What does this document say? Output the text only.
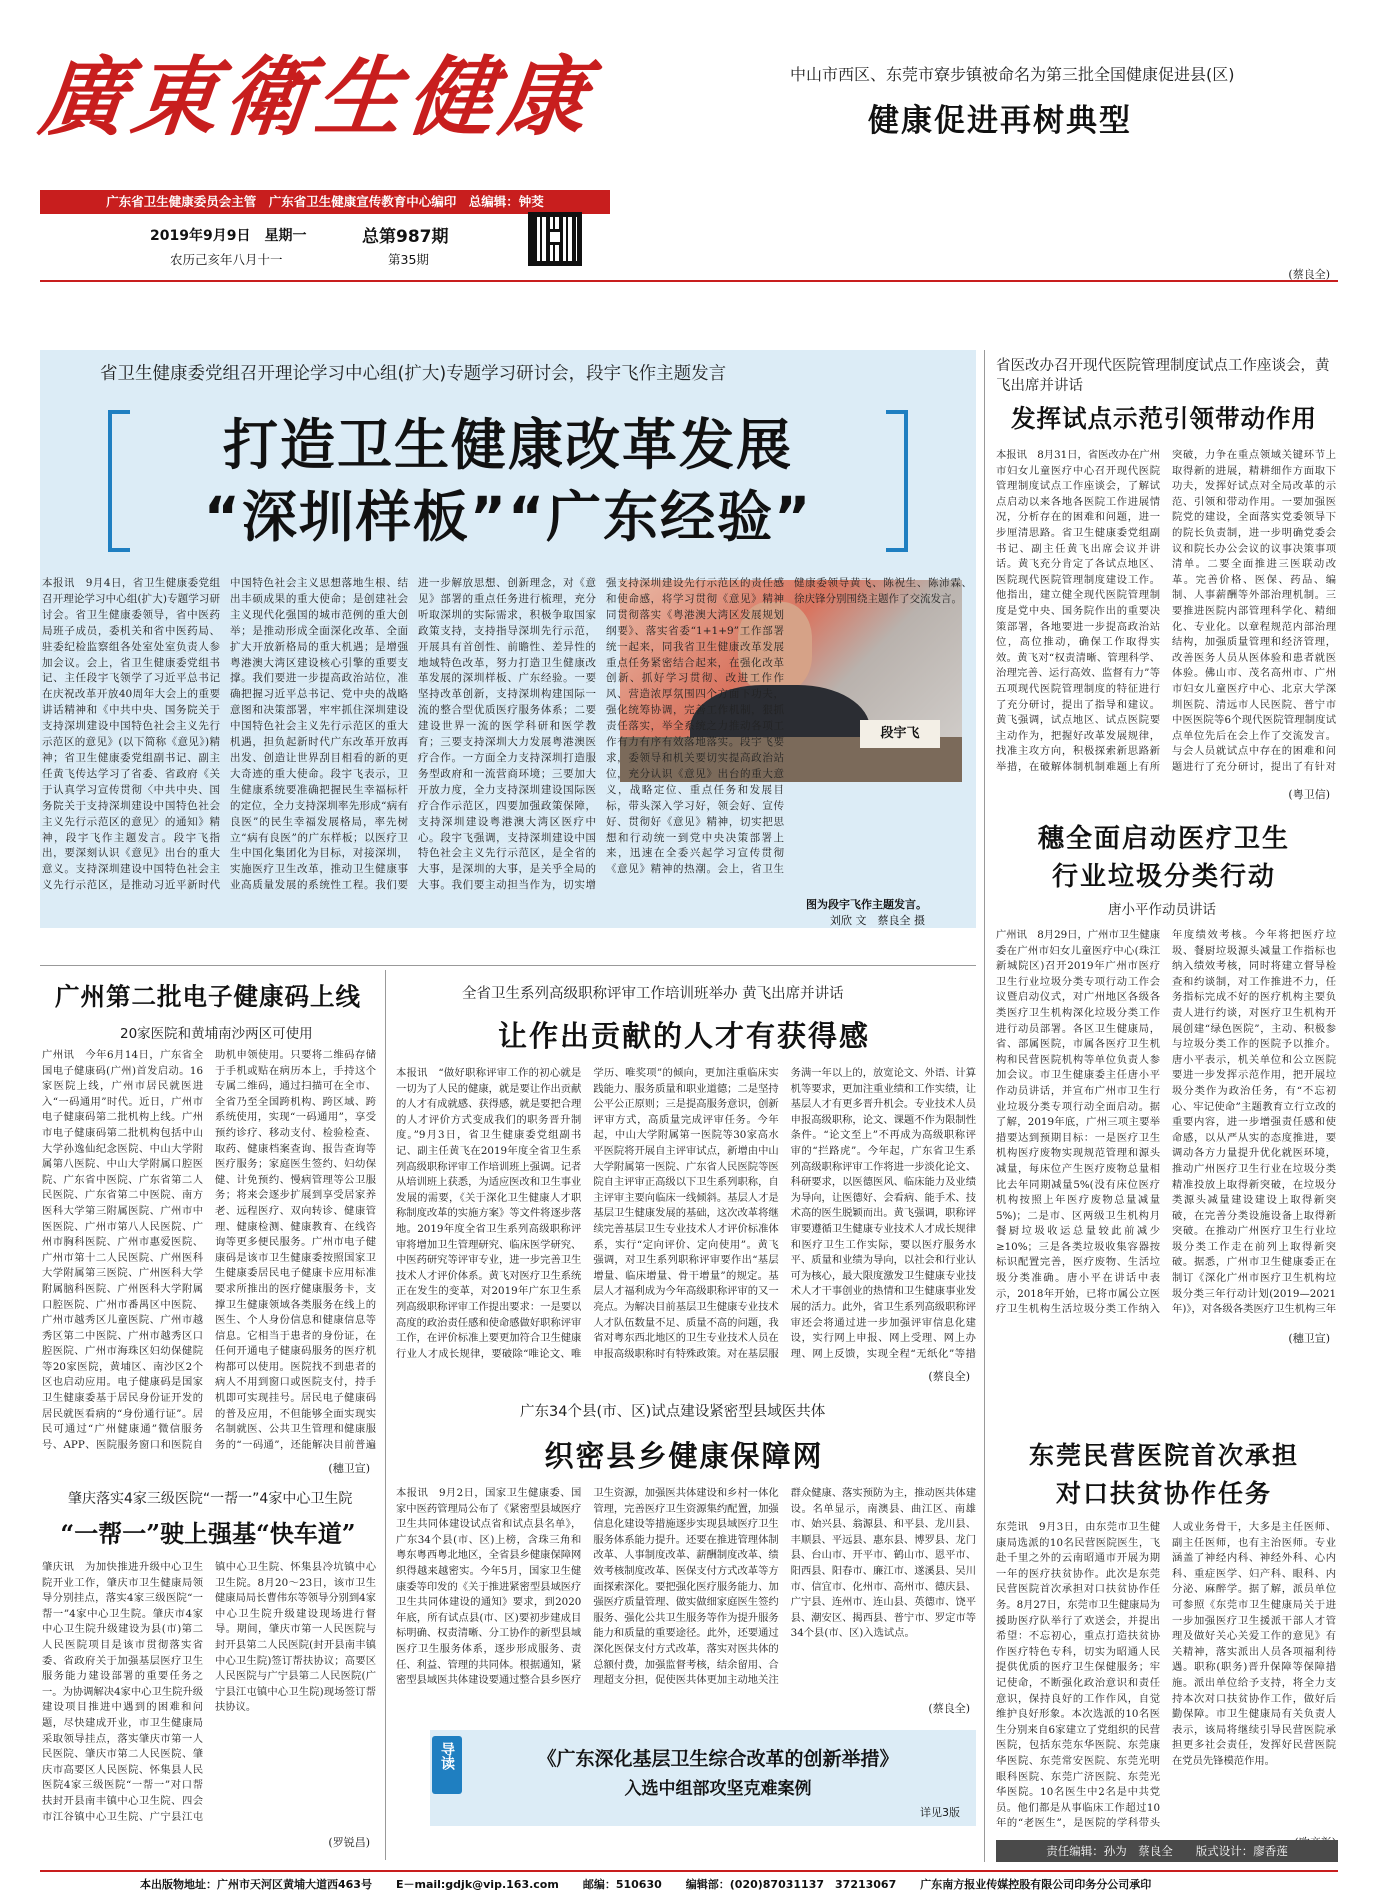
廣東衛生健康
广东省卫生健康委员会主管　广东省卫生健康宣传教育中心编印　总编辑：钟茭
2019年9月9日　星期一
农历己亥年八月十一
总第987期
第35期
中山市西区、东莞市寮步镇被命名为第三批全国健康促进县(区)
健康促进再树典型
(蔡良全)
省卫生健康委党组召开理论学习中心组(扩大)专题学习研讨会，段宇飞作主题发言
打造卫生健康改革发展
“深圳样板”“广东经验”
段宇飞
本报讯　9月4日，省卫生健康委党组召开理论学习中心组(扩大)专题学习研讨会。省卫生健康委领导，省中医药局班子成员，委机关和省中医药局、驻委纪检监察组各处室处室负责人参加会议。会上，省卫生健康委党组书记、主任段宇飞领学了习近平总书记在庆祝改革开放40周年大会上的重要讲话精神和《中共中央、国务院关于支持深圳建设中国特色社会主义先行示范区的意见》(以下简称《意见》)精神；省卫生健康委党组副书记、副主任黄飞传达学习了省委、省政府《关于认真学习宣传贯彻〈中共中央、国务院关于支持深圳建设中国特色社会主义先行示范区的意见〉的通知》精神，段宇飞作主题发言。段宇飞指出，要深刻认识《意见》出台的重大意义。支持深圳建设中国特色社会主义先行示范区，是推动习近平新时代中国特色社会主义思想落地生根、结出丰硕成果的重大使命；是创建社会主义现代化强国的城市范例的重大创举；是推动形成全面深化改革、全面扩大开放新格局的重大机遇；是增强粤港澳大湾区建设核心引擎的重要支撑。我们要进一步提高政治站位，准确把握习近平总书记、党中央的战略意图和决策部署，牢牢抓住深圳建设中国特色社会主义先行示范区的重大机遇，担负起新时代广东改革开放再出发、创造让世界刮目相看的新的更大奇迹的重大使命。段宇飞表示，卫生健康系统要准确把握民生幸福标杆的定位，全力支持深圳率先形成“病有良医”的民生幸福发展格局，率先树立“病有良医”的广东样板；以医疗卫生中国化集团化为目标，对接深圳，实施医疗卫生改革，推动卫生健康事业高质量发展的系统性工程。我们要进一步解放思想、创新理念，对《意见》部署的重点任务进行梳理，充分听取深圳的实际需求，积极争取国家政策支持，支持指导深圳先行示范，开展具有首创性、前瞻性、差异性的地域特色改革，努力打造卫生健康改革发展的深圳样板、广东经验。一要坚持改革创新，支持深圳构建国际一流的整合型优质医疗服务体系；二要建设世界一流的医学科研和医学教育；三要支持深圳大力发展粤港澳医疗合作。一方面全力支持深圳打造服务型政府和一流营商环境；三要加大开放力度，全力支持深圳建设国际医疗合作示范区，四要加强政策保障，支持深圳建设粤港澳大湾区医疗中心。段宇飞强调，支持深圳建设中国特色社会主义先行示范区，是全省的大事，是深圳的大事，是关乎全局的大事。我们要主动担当作为，切实增强支持深圳建设先行示范区的责任感和使命感，将学习贯彻《意见》精神同贯彻落实《粤港澳大湾区发展规划纲要》、落实省委“1+1+9”工作部署统一起来，同我省卫生健康改革发展重点任务紧密结合起来，在强化改革创新、抓好学习贯彻、改进工作作风、营造浓厚氛围四个方面下功夫，强化统筹协调，完善工作机制，狠抓责任落实，举全系统之力推动各项工作有力有序有效落地落实。段宇飞要求，委领导和机关要切实提高政治站位，充分认识《意见》出台的重大意义，战略定位、重点任务和发展目标，带头深入学习好，领会好、宣传好、贯彻好《意见》精神，切实把思想和行动统一到党中央决策部署上来，迅速在全委兴起学习宣传贯彻《意见》精神的热潮。会上，省卫生健康委领导黄飞、陈祝生、陈沛霖、徐庆锋分别围绕主题作了交流发言。
图为段宇飞作主题发言。
刘欣 文　蔡良全 摄
省医改办召开现代医院管理制度试点工作座谈会，黄飞出席并讲话
发挥试点示范引领带动作用
本报讯　8月31日，省医改办在广州市妇女儿童医疗中心召开现代医院管理制度试点工作座谈会，了解试点启动以来各地各医院工作进展情况，分析存在的困难和问题，进一步厘清思路。省卫生健康委党组副书记、副主任黄飞出席会议并讲话。黄飞充分肯定了各试点地区、医院现代医院管理制度建设工作。他指出，建立健全现代医院管理制度是党中央、国务院作出的重要决策部署，各地要进一步提高政治站位，高位推动，确保工作取得实效。黄飞对“权责清晰、管理科学、治理完善、运行高效、监督有力”等五项现代医院管理制度的特征进行了充分研讨，提出了指导和建议。黄飞强调，试点地区、试点医院要主动作为，把握好改革发展规律，找准主攻方向，积极探索新思路新举措，在破解体制机制难题上有所突破，力争在重点领域关键环节上取得新的进展，精耕细作方面取下功夫，发挥好试点对全局改革的示范、引领和带动作用。一要加强医院党的建设，全面落实党委领导下的院长负责制，进一步明确党委会议和院长办公会议的议事决策事项清单。二要全面推进三医联动改革。完善价格、医保、药品、编制、人事薪酬等外部治理机制。三要推进医院内部管理科学化、精细化、专业化。以章程规范内部治理结构，加强质量管理和经济管理，改善医务人员从医体验和患者就医体验。佛山市、茂名高州市、广州市妇女儿童医疗中心、北京大学深圳医院、清远市人民医院、普宁市中医医院等6个现代医院管理制度试点单位先后在会上作了交流发言。与会人员就试点中存在的困难和问题进行了充分研讨，提出了有针对
(粤卫信)
穗全面启动医疗卫生
行业垃圾分类行动
唐小平作动员讲话
广州讯　8月29日，广州市卫生健康委在广州市妇女儿童医疗中心(珠江新城院区)召开2019年广州市医疗卫生行业垃圾分类专项行动工作会议暨启动仪式，对广州地区各级各类医疗卫生机构深化垃圾分类工作进行动员部署。各区卫生健康局，省、部属医院，市属各医疗卫生机构和民营医院机构等单位负责人参加会议。市卫生健康委主任唐小平作动员讲话，并宣布广州市卫生行业垃圾分类专项行动全面启动。据了解，2019年底，广州三项主要举措要达到预期目标：一是医疗卫生机构医疗废物实现规范管理和源头减量，每床位产生医疗废物总量相比去年同期减量5%(没有床位医疗机构按照上年医疗废物总量减量5%)；二是市、区两级卫生机构月餐厨垃圾收运总量较此前减少≥10%；三是各类垃圾收集容器按标识配置完善，医疗废物、生活垃圾分类准确。唐小平在讲话中表示，2018年开始，已将市属公立医疗卫生机构生活垃圾分类工作纳入年度绩效考核。今年将把医疗垃圾、餐厨垃圾源头减量工作指标也纳入绩效考核，同时将建立督导检查和约谈制，对工作推进不力，任务指标完成不好的医疗机构主要负责人进行约谈，对医疗卫生机构开展创建“绿色医院”，主动、积极参与垃圾分类工作的医院予以推介。唐小平表示，机关单位和公立医院要进一步发挥示范作用，把开展垃圾分类作为政治任务，有“不忘初心、牢记使命”主题教育立行立改的重要内容，进一步增强责任感和使命感，以从严从实的态度推进，要调动各方力量提升优化就医环境，推动广州医疗卫生行业在垃圾分类精准投放上取得新突破，在垃圾分类源头减量建设建设上取得新突破，在完善分类设施设备上取得新突破。在推动广州医疗卫生行业垃圾分类工作走在前列上取得新突破。据悉，广州市卫生健康委正在制订《深化广州市医疗卫生机构垃圾分类三年行动计划(2019—2021年)》，对各级各类医疗卫生机构三年
(穗卫宣)
广州第二批电子健康码上线
20家医院和黄埔南沙两区可使用
广州讯　今年6月14日，广东省全国电子健康码(广州)首发启动。16家医院上线，广州市居民就医进入“一码通用”时代。近日，广州市电子健康码第二批机构上线。广州市电子健康码第二批机构包括中山大学孙逸仙纪念医院、中山大学附属第八医院、中山大学附属口腔医院、广东省中医院、广东省第二人民医院、广东省第二中医院、南方医科大学第三附属医院、广州市中医医院、广州市第八人民医院、广州市胸科医院、广州市惠爱医院、广州市第十二人民医院、广州医科大学附属第三医院、广州医科大学附属脑科医院、广州医科大学附属口腔医院、广州市番禺区中医院、广州市越秀区儿童医院、广州市越秀区第二中医院、广州市越秀区口腔医院、广州市海珠区妇幼保健院等20家医院，黄埔区、南沙区2个区也启动应用。电子健康码是国家卫生健康委基于居民身份证开发的居民就医看病的“身份通行证”。居民可通过“广州健康通”微信服务号、APP、医院服务窗口和医院自助机申领使用。只要将二维码存储于手机或贴在病历本上，手持这个专属二维码，通过扫描可在全市、全省乃至全国跨机构、跨区域、跨系统使用，实现“一码通用”，享受预约诊疗、移动支付、检验检查、取药、健康档案查询、报告查询等医疗服务；家庭医生签约、妇幼保健、计免预约、慢病管理等公卫服务；将来会逐步扩展到享受居家养老、远程医疗、双向转诊、健康管理、健康检测、健康教育、在线咨询等更多便民服务。广州市电子健康码是该市卫生健康委按照国家卫生健康委居民电子健康卡应用标准要求所推出的医疗健康服务卡，支撑卫生健康领域各类服务在线上的医生、个人身份信息和健康信息等信息。它相当于患者的身份证，在任何开通电子健康码服务的医疗机构都可以使用。医院找不到患者的病人不用到窗口或医院支付，持手机即可实现挂号。居民电子健康码的普及应用，不但能够全面实现实名制就医、公共卫生管理和健康服务的“一码通”，还能解决目前普遍
(穗卫宣)
全省卫生系列高级职称评审工作培训班举办 黄飞出席并讲话
让作出贡献的人才有获得感
本报讯　“做好职称评审工作的初心就是一切为了人民的健康，就是要让作出贡献的人才有成就感、获得感，就是要把合理的人才评价方式变成我们的职务晋升制度。”9月3日，省卫生健康委党组副书记、副主任黄飞在2019年度全省卫生系列高级职称评审工作培训班上强调。记者从培训班上获悉，为适应医改和卫生事业发展的需要，《关于深化卫生健康人才职称制度改革的实施方案》等文件将逐步落地。2019年度全省卫生系列高级职称评审将增加卫生管理研究、临床医学研究、中医药研究等评审专业，进一步完善卫生技术人才评价体系。黄飞对医疗卫生系统正在发生的变革，对2019年广东卫生系列高级职称评审工作提出要求：一是要以高度的政治责任感和使命感做好职称评审工作，在评价标准上要更加符合卫生健康行业人才成长规律，要破除“唯论文、唯学历、唯奖项”的倾向，更加注重临床实践能力、服务质量和职业道德；二是坚持公平公正原则；三是提高服务意识，创新评审方式，高质量完成评审任务。今年起，中山大学附属第一医院等30家高水平医院将开展自主评审试点，新增由中山大学附属第一医院、广东省人民医院等医院自主评审正高级以下卫生系列职称，自主评审主要向临床一线倾斜。基层人才是基层卫生健康发展的基础，这次改革将继续完善基层卫生专业技术人才评价标准体系，实行“定向评价、定向使用”。黄飞强调，对卫生系列职称评审要作出“基层增量、临床增量、骨干增量”的规定。基层人才福利成为今年高级职称评审的又一亮点。为解决目前基层卫生健康专业技术人才队伍数量不足、质量不高的问题，我省对粤东西北地区的卫生专业技术人员在申报高级职称时有特殊政策。对在基层服务满一年以上的，放宽论文、外语、计算机等要求，更加注重业绩和工作实绩，让基层人才有更多晋升机会。专业技术人员申报高级职称，论文、课题不作为限制性条件。“论文至上”不再成为高级职称评审的“拦路虎”。今年起，广东省卫生系列高级职称评审工作将进一步淡化论文、科研要求，以医德医风、临床能力及业绩为导向，让医德好、会看病、能手术、技术高的医生脱颖而出。黄飞强调，职称评审要遵循卫生健康专业技术人才成长规律和医疗卫生工作实际，要以医疗服务水平、质量和业绩为导向，以社会和行业认可为核心，最大限度激发卫生健康专业技术人才干事创业的热情和卫生健康事业发展的活力。此外，省卫生系列高级职称评审还会将通过进一步加强评审信息化建设，实行网上申报、网上受理、网上办理、网上反馈，实现全程“无纸化”等措
(蔡良全)
广东34个县(市、区)试点建设紧密型县域医共体
织密县乡健康保障网
本报讯　9月2日，国家卫生健康委、国家中医药管理局公布了《紧密型县域医疗卫生共同体建设试点省和试点县名单》，广东34个县(市、区)上榜，含珠三角和粤东粤西粤北地区，全省县乡健康保障网织得越来越密实。今年5月，国家卫生健康委等印发的《关于推进紧密型县域医疗卫生共同体建设的通知》要求，到2020年底，所有试点县(市、区)要初步建成目标明确、权责清晰、分工协作的新型县域医疗卫生服务体系，逐步形成服务、责任、利益、管理的共同体。根据通知，紧密型县域医共体建设要通过整合县乡医疗卫生资源，加强医共体建设和乡村一体化管理，完善医疗卫生资源集约配置，加强信息化建设等措施逐步实现县域医疗卫生服务体系能力提升。还要在推进管理体制改革、人事制度改革、薪酬制度改革、绩效考核制度改革、医保支付方式改革等方面探索深化。要把强化医疗服务能力、加强医疗质量管理、做实做细家庭医生签约服务、强化公共卫生服务等作为提升服务能力和质量的重要途径。此外，还要通过深化医保支付方式改革，落实对医共体的总额付费，加强监督考核，结余留用、合理超支分担，促使医共体更加主动地关注群众健康、落实预防为主，推动医共体建设。名单显示，南澳县、曲江区、南雄市、始兴县、翁源县、和平县、龙川县、丰顺县、平远县、惠东县、博罗县、龙门县、台山市、开平市、鹤山市、恩平市、阳西县、阳春市、廉江市、遂溪县、吴川市、信宜市、化州市、高州市、德庆县、广宁县、连州市、连山县、英德市、饶平县、潮安区、揭西县、普宁市、罗定市等34个县(市、区)入选试点。
(蔡良全)
东莞民营医院首次承担
对口扶贫协作任务
东莞讯　9月3日，由东莞市卫生健康局选派的10名民营医院医生，飞赴千里之外的云南昭通市开展为期一年的医疗扶贫协作。此次是东莞民营医院首次承担对口扶贫协作任务。8月27日，东莞市卫生健康局为援助医疗队举行了欢送会，并提出希望：不忘初心，重点打造扶贫协作医疗特色专科，切实为昭通人民提供优质的医疗卫生保健服务；牢记使命，不断强化政治意识和责任意识，保持良好的工作作风，自觉维护良好形象。本次选派的10名医生分别来自6家建立了党组织的民营医院，包括东莞东华医院、东莞康华医院、东莞常安医院、东莞光明眼科医院、东莞广济医院、东莞光华医院。10名医生中2名是中共党员。他们都是从事临床工作超过10年的“老医生”，是医院的学科带头人或业务骨干，大多是主任医师、副主任医师，也有主治医师。专业涵盖了神经内科、神经外科、心内科、重症医学、妇产科、眼科、内分泌、麻醉学。据了解，派员单位可参照《东莞市卫生健康局关于进一步加强医疗卫生援派干部人才管理及做好关心关爱工作的意见》有关精神，落实派出人员各项福利待遇。职称(职务)晋升保障等保障措施。派出单位给予支持，将全力支持本次对口扶贫协作工作，做好后勤保障。市卫生健康局有关负责人表示，该局将继续引导民营医院承担更多社会责任，发挥好民营医院在党员先锋模范作用。
肇庆落实4家三级医院“一帮一”4家中心卫生院
“一帮一”驶上强基“快车道”
肇庆讯　为加快推进升级中心卫生院开业工作，肇庆市卫生健康局领导分别挂点，落实4家三级医院“一帮一”4家中心卫生院。肇庆市4家中心卫生院升级建设为县(市)第二人民医院项目是该市贯彻落实省委、省政府关于加强基层医疗卫生服务能力建设部署的重要任务之一。为协调解决4家中心卫生院升级建设项目推进中遇到的困难和问题，尽快建成开业，市卫生健康局采取领导挂点，落实肇庆市第一人民医院、肇庆市第二人民医院、肇庆市高要区人民医院、怀集县人民医院4家三级医院“一帮一”对口帮扶封开县南丰镇中心卫生院、四会市江谷镇中心卫生院、广宁县江屯镇中心卫生院、怀集县冷坑镇中心卫生院。8月20～23日，该市卫生健康局局长曹伟东等领导分别到4家中心卫生院升级建设现场进行督导。期间，肇庆市第一人民医院与封开县第二人民医院(封开县南丰镇中心卫生院)签订帮扶协议；高要区人民医院与广宁县第二人民医院(广宁县江屯镇中心卫生院)现场签订帮扶协议。
(罗锐昌)
导读	《广东深化基层卫生综合改革的创新举措》
入选中组部攻坚克难案例
详见3版
责任编辑：孙为　蔡良全　　版式设计：廖香莲
本出版物地址：广州市天河区黄埔大道西463号 E－mail:gdjk@vip.163.com 邮编：510630 编辑部：(020)87031137　37213067 广东南方报业传媒控股有限公司印务分公司承印
